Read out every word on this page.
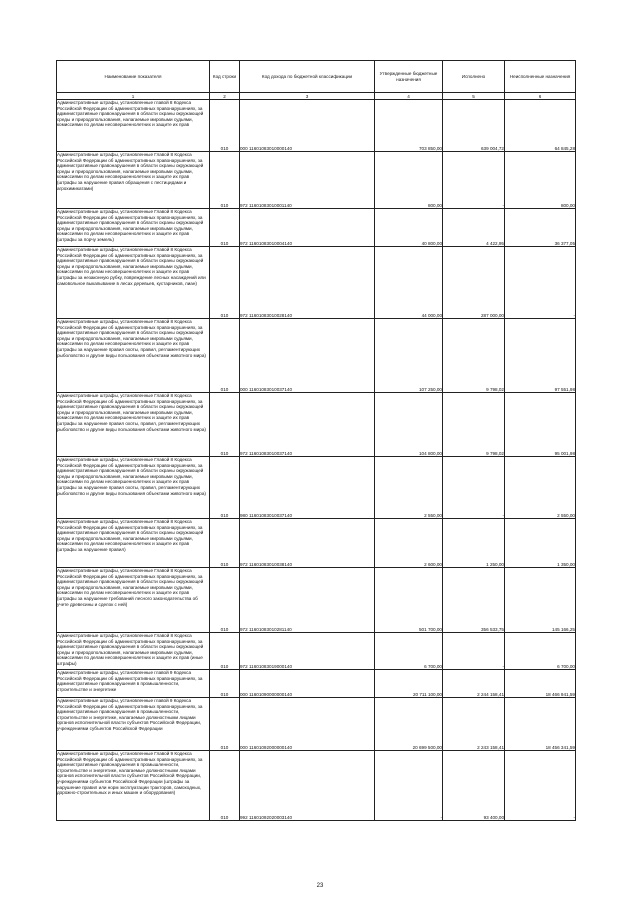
Наименование показателя	Код строки	Код дохода по бюджетной классификации	Утвержденные бюджетные назначения	Исполнено	Неисполненные назначения
1	2	3	4	5	6
Административные штрафы, установленные главой 8 Кодекса Российской Федерации об административных правонарушениях, за административные правонарушения в области охраны окружающей среды и природопользования, налагаемые мировыми судьями, комиссиями по делам несовершеннолетних и защите их прав	010	000 11601083010000140	703 850,00	639 004,72	64 845,28
Административные штрафы, установленные Главой 8 Кодекса Российской Федерации об административных правонарушениях, за административные правонарушения в области охраны окружающей среды и природопользования, налагаемые мировыми судьями, комиссиями по делам несовершеннолетних и защите их прав (штрафы за нарушение правил обращения с пестицидами и агрохимикатами)	010	972 11601083010001140	800,00	-	800,00
Административные штрафы, установленные Главой 8 Кодекса Российской Федерации об административных правонарушениях, за административные правонарушения в области охраны окружающей среды и природопользования, налагаемые мировыми судьями, комиссиями по делам несовершеннолетних и защите их прав (штрафы за порчу земель)	010	972 11601083010004140	40 800,00	4 422,95	36 377,05
Административные штрафы, установленные Главой 8 Кодекса Российской Федерации об административных правонарушениях, за административные правонарушения в области охраны окружающей среды и природопользования, налагаемые мировыми судьями, комиссиями по делам несовершеннолетних и защите их прав (штрафы за незаконную рубку, повреждение лесных насаждений или самовольное выкапывание в лесах деревьев, кустарников, лиан)	010	972 11601083010028140	44 000,00	287 000,00	-
Административные штрафы, установленные Главой 8 Кодекса Российской Федерации об административных правонарушениях, за административные правонарушения в области охраны окружающей среды и природопользования, налагаемые мировыми судьями, комиссиями по делам несовершеннолетних и защите их прав (штрафы за нарушение правил охоты, правил, регламентирующих рыболовство и другие виды пользования объектами животного мира)	010	000 11601083010037140	107 250,00	9 798,02	97 551,98
Административные штрафы, установленные Главой 8 Кодекса Российской Федерации об административных правонарушениях, за административные правонарушения в области охраны окружающей среды и природопользования, налагаемые мировыми судьями, комиссиями по делам несовершеннолетних и защите их прав (штрафы за нарушение правил охоты, правил, регламентирующих рыболовство и другие виды пользования объектами животного мира)	010	972 11601083010037140	104 800,00	9 798,02	95 001,98
Административные штрафы, установленные Главой 8 Кодекса Российской Федерации об административных правонарушениях, за административные правонарушения в области охраны окружающей среды и природопользования, налагаемые мировыми судьями, комиссиями по делам несовершеннолетних и защите их прав (штрафы за нарушение правил охоты, правил, регламентирующих рыболовство и другие виды пользования объектами животного мира)	010	980 11601083010037140	2 550,00	-	2 550,00
Административные штрафы, установленные Главой 8 Кодекса Российской Федерации об административных правонарушениях, за административные правонарушения в области охраны окружающей среды и природопользования, налагаемые мировыми судьями, комиссиями по делам несовершеннолетних и защите их прав (штрафы за нарушение правил)	010	972 11601083010038140	2 600,00	1 250,00	1 350,00
Административные штрафы, установленные Главой 8 Кодекса Российской Федерации об административных правонарушениях, за административные правонарушения в области охраны окружающей среды и природопользования, налагаемые мировыми судьями, комиссиями по делам несовершеннолетних и защите их прав (штрафы за нарушение требований лесного законодательства об учете древесины и сделок с ней)	010	972 11601083010281140	501 700,00	356 533,75	145 166,25
Административные штрафы, установленные Главой 8 Кодекса Российской Федерации об административных правонарушениях, за административные правонарушения в области охраны окружающей среды и природопользования, налагаемые мировыми судьями, комиссиями по делам несовершеннолетних и защите их прав (иные штрафы)	010	972 11601083019000140	6 700,00	-	6 700,00
Административные штрафы, установленные главой 9 Кодекса Российской Федерации об административных правонарушениях, за административные правонарушения в промышленности, строительстве и энергетике	010	000 11601090000000140	20 711 100,00	2 244 158,41	18 466 941,59
Административные штрафы, установленные главой 9 Кодекса Российской Федерации об административных правонарушениях, за административные правонарушения в промышленности, строительстве и энергетике, налагаемые должностными лицами органов исполнительной власти субъектов Российской Федерации, учреждениями субъектов Российской Федерации	010	000 11601092000000140	20 699 500,00	2 243 158,41	18 456 341,59
Административные штрафы, установленные Главой 9 Кодекса Российской Федерации об административных правонарушениях, за административные правонарушения в промышленности, строительстве и энергетике, налагаемые должностными лицами органов исполнительной власти субъектов Российской Федерации, учреждениями субъектов Российской Федерации (штрафы за нарушение правил или норм эксплуатации тракторов, самоходных, дорожно-строительных и иных машин и оборудования)	010	992 11601092020003140	-	93 400,00	-
23
